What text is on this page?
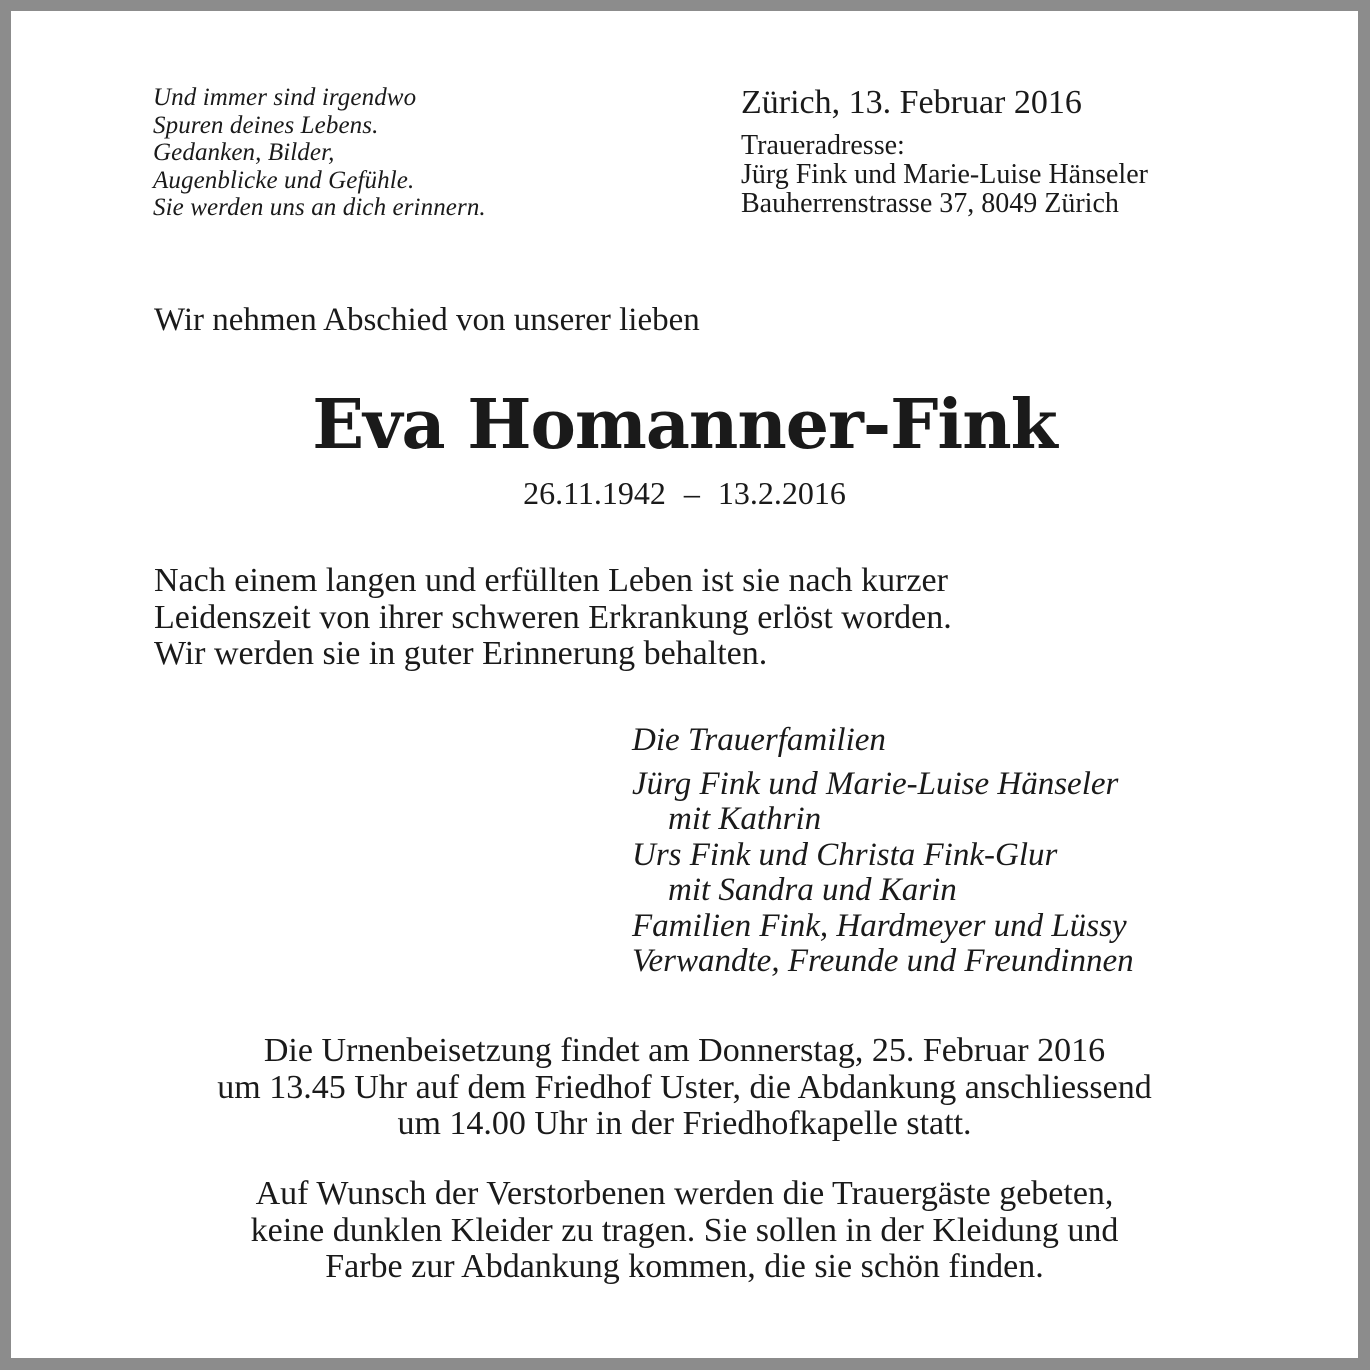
Und immer sind irgendwo
Spuren deines Lebens.
Gedanken, Bilder,
Augenblicke und Gefühle.
Sie werden uns an dich erinnern.
Zürich, 13. Februar 2016
Traueradresse:
Jürg Fink und Marie-Luise Hänseler
Bauherrenstrasse 37, 8049 Zürich
Wir nehmen Abschied von unserer lieben
Eva Homanner-Fink
26.11.1942 – 13.2.2016
Nach einem langen und erfüllten Leben ist sie nach kurzer
Leidenszeit von ihrer schweren Erkrankung erlöst worden.
Wir werden sie in guter Erinnerung behalten.
Die Trauerfamilien
Jürg Fink und Marie-Luise Hänseler
mit Kathrin
Urs Fink und Christa Fink-Glur
mit Sandra und Karin
Familien Fink, Hardmeyer und Lüssy
Verwandte, Freunde und Freundinnen
Die Urnenbeisetzung findet am Donnerstag, 25. Februar 2016
um 13.45 Uhr auf dem Friedhof Uster, die Abdankung anschliessend
um 14.00 Uhr in der Friedhofkapelle statt.
Auf Wunsch der Verstorbenen werden die Trauergäste gebeten,
keine dunklen Kleider zu tragen. Sie sollen in der Kleidung und
Farbe zur Abdankung kommen, die sie schön finden.
